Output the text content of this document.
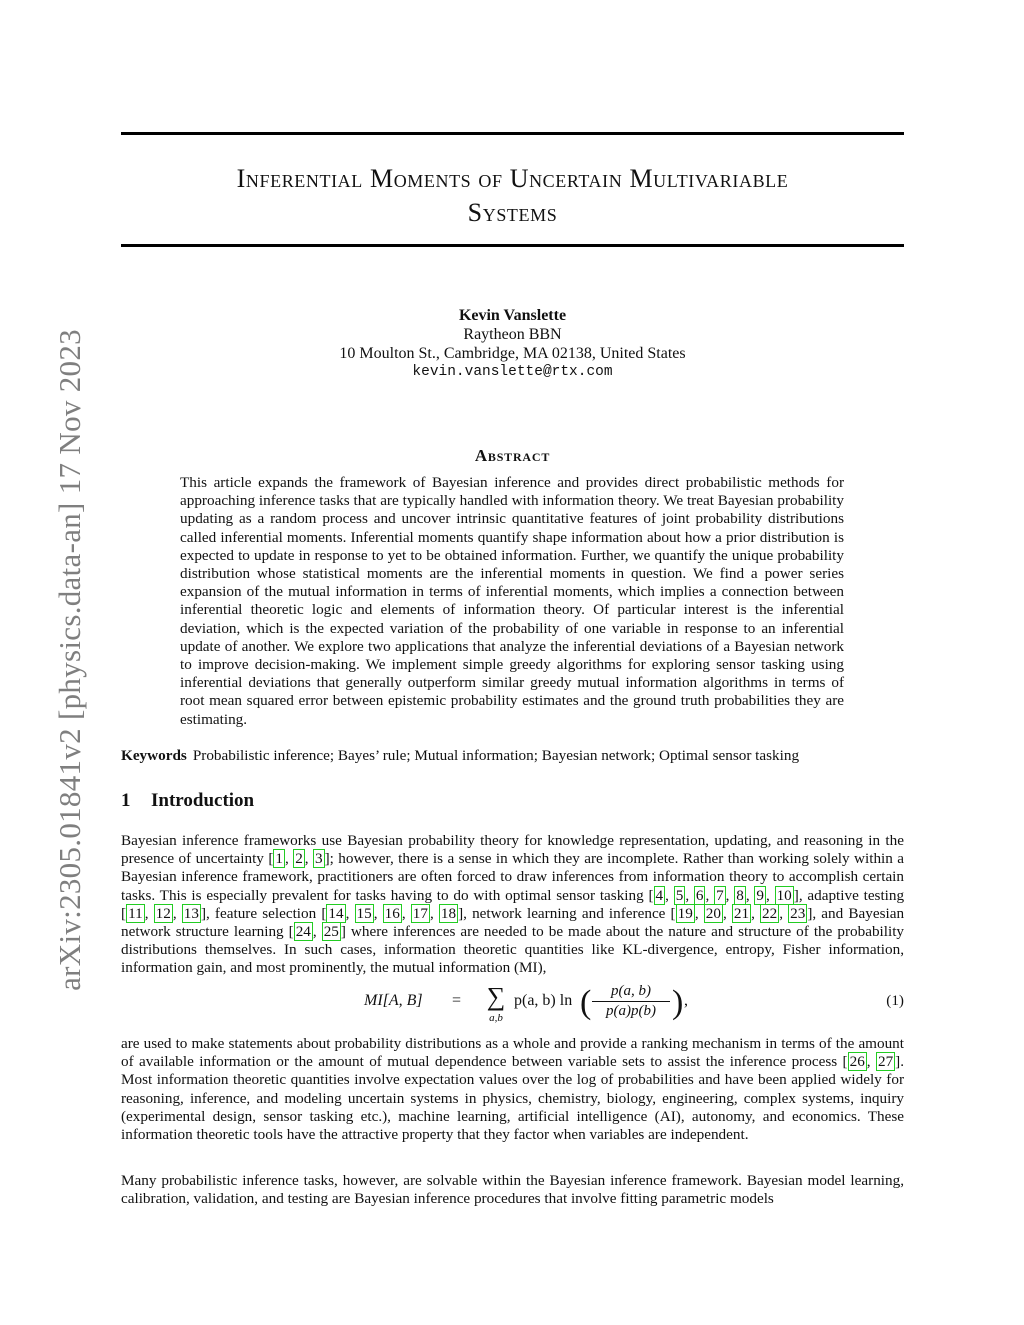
arXiv:2305.01841v2 [physics.data-an] 17 Nov 2023
Inferential Moments of Uncertain Multivariable
Systems
Kevin Vanslette
Raytheon BBN
10 Moulton St., Cambridge, MA 02138, United States
kevin.vanslette@rtx.com
Abstract
This article expands the framework of Bayesian inference and provides direct probabilistic methods for approaching inference tasks that are typically handled with information theory. We treat Bayesian probability updating as a random process and uncover intrinsic quantitative features of joint probability distributions called inferential moments. Inferential moments quantify shape information about how a prior distribution is expected to update in response to yet to be obtained information. Further, we quantify the unique probability distribution whose statistical moments are the inferential moments in question. We find a power series expansion of the mutual information in terms of inferential moments, which implies a connection between inferential theoretic logic and elements of information theory. Of particular interest is the inferential deviation, which is the expected variation of the probability of one variable in response to an inferential update of another. We explore two applications that analyze the inferential deviations of a Bayesian network to improve decision-making. We implement simple greedy algorithms for exploring sensor tasking using inferential deviations that generally outperform similar greedy mutual information algorithms in terms of root mean squared error between epistemic probability estimates and the ground truth probabilities they are estimating.
Keywords Probabilistic inference; Bayes’ rule; Mutual information; Bayesian network; Optimal sensor tasking
1 Introduction
Bayesian inference frameworks use Bayesian probability theory for knowledge representation, updating, and reasoning in the presence of uncertainty [ 1 , 2 , 3 ]; however, there is a sense in which they are incomplete. Rather than working solely within a Bayesian inference framework, practitioners are often forced to draw inferences from information theory to accomplish certain tasks. This is especially prevalent for tasks having to do with optimal sensor tasking [ 4 , 5 , 6 , 7 , 8 , 9 , 10 ], adaptive testing [ 11 , 12 , 13 ], feature selection [ 14 , 15 , 16 , 17 , 18 ], network learning and inference [ 19 , 20 , 21 , 22 , 23 ], and Bayesian network structure learning [ 24 , 25 ] where inferences are needed to be made about the nature and structure of the probability distributions themselves. In such cases, information theoretic quantities like KL-divergence, entropy, Fisher information, information gain, and most prominently, the mutual information (MI),
MI[A, B] = ∑
a,b
p(a, b) ln ( $\frac{p(a, b)}{p(a)p(b)}$ ) ,	(1)
are used to make statements about probability distributions as a whole and provide a ranking mechanism in terms of the amount of available information or the amount of mutual dependence between variable sets to assist the inference process [ 26 , 27 ]. Most information theoretic quantities involve expectation values over the log of probabilities and have been applied widely for reasoning, inference, and modeling uncertain systems in physics, chemistry, biology, engineering, complex systems, inquiry (experimental design, sensor tasking etc.), machine learning, artificial intelligence (AI), autonomy, and economics. These information theoretic tools have the attractive property that they factor when variables are independent.
Many probabilistic inference tasks, however, are solvable within the Bayesian inference framework. Bayesian model learning, calibration, validation, and testing are Bayesian inference procedures that involve fitting parametric models
